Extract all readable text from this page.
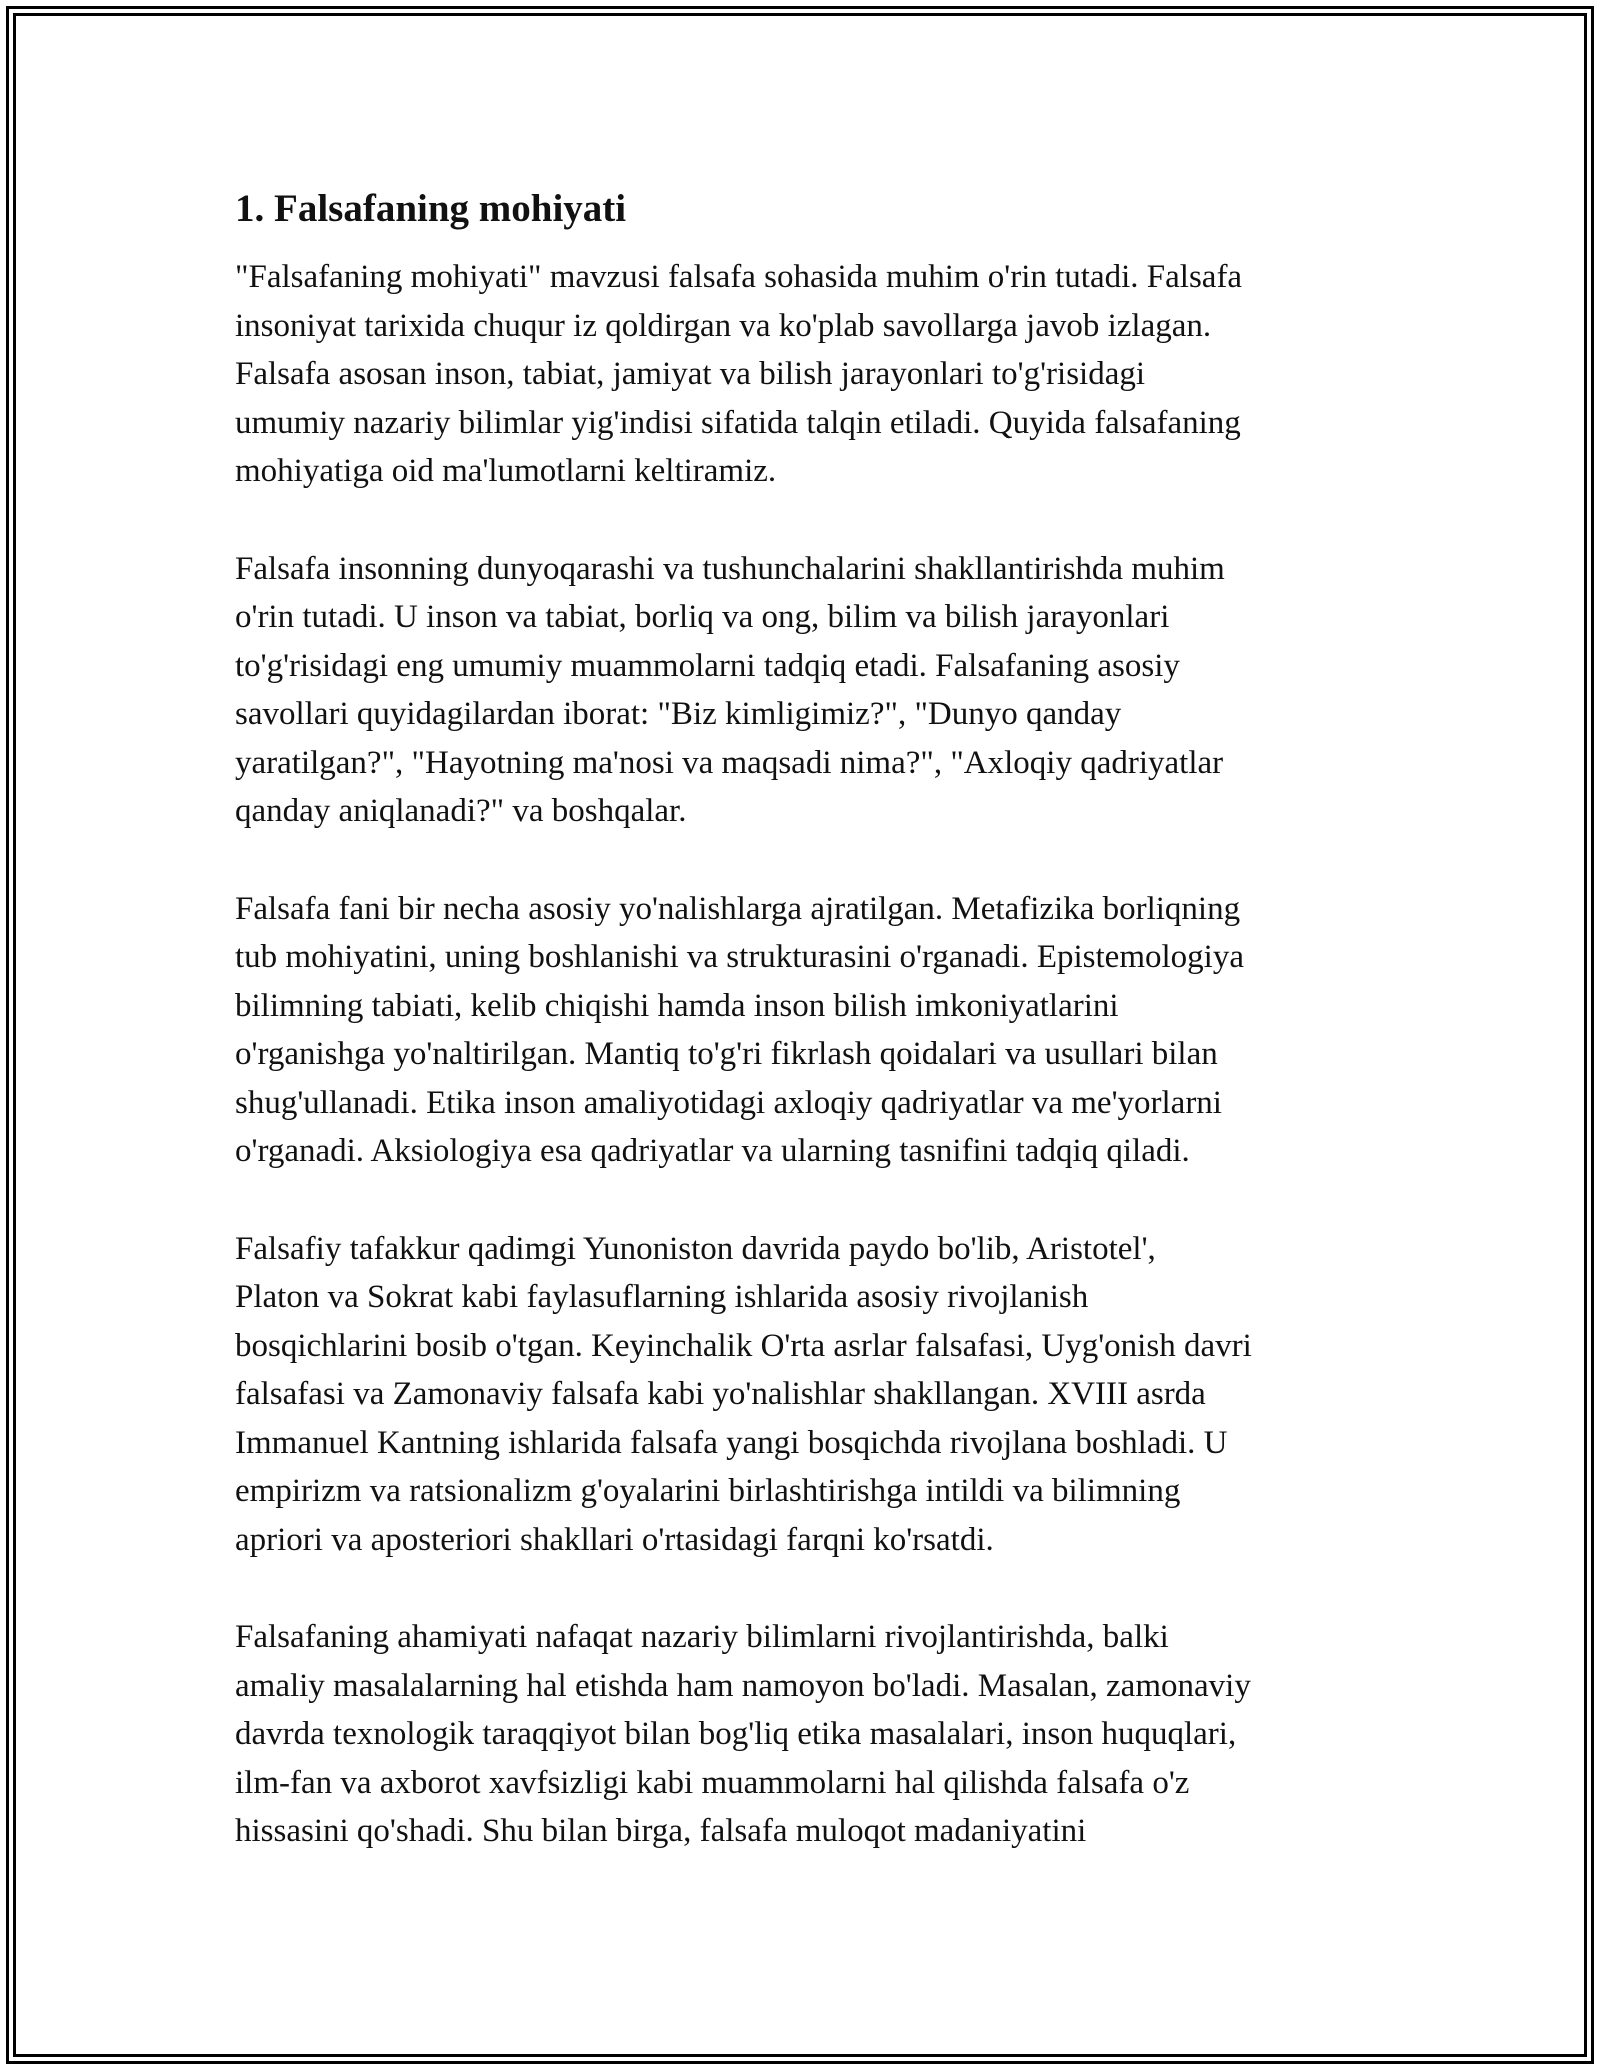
1. Falsafaning mohiyati

"Falsafaning mohiyati" mavzusi falsafa sohasida muhim o'rin tutadi. Falsafa
insoniyat tarixida chuqur iz qoldirgan va ko'plab savollarga javob izlagan.
Falsafa asosan inson, tabiat, jamiyat va bilish jarayonlari to'g'risidagi
umumiy nazariy bilimlar yig'indisi sifatida talqin etiladi. Quyida falsafaning
mohiyatiga oid ma'lumotlarni keltiramiz.

Falsafa insonning dunyoqarashi va tushunchalarini shakllantirishda muhim
o'rin tutadi. U inson va tabiat, borliq va ong, bilim va bilish jarayonlari
to'g'risidagi eng umumiy muammolarni tadqiq etadi. Falsafaning asosiy
savollari quyidagilardan iborat: "Biz kimligimiz?", "Dunyo qanday
yaratilgan?", "Hayotning ma'nosi va maqsadi nima?", "Axloqiy qadriyatlar
qanday aniqlanadi?" va boshqalar.

Falsafa fani bir necha asosiy yo'nalishlarga ajratilgan. Metafizika borliqning
tub mohiyatini, uning boshlanishi va strukturasini o'rganadi. Epistemologiya
bilimning tabiati, kelib chiqishi hamda inson bilish imkoniyatlarini
o'rganishga yo'naltirilgan. Mantiq to'g'ri fikrlash qoidalari va usullari bilan
shug'ullanadi. Etika inson amaliyotidagi axloqiy qadriyatlar va me'yorlarni
o'rganadi. Aksiologiya esa qadriyatlar va ularning tasnifini tadqiq qiladi.

Falsafiy tafakkur qadimgi Yunoniston davrida paydo bo'lib, Aristotel',
Platon va Sokrat kabi faylasuflarning ishlarida asosiy rivojlanish
bosqichlarini bosib o'tgan. Keyinchalik O'rta asrlar falsafasi, Uyg'onish davri
falsafasi va Zamonaviy falsafa kabi yo'nalishlar shakllangan. XVIII asrda
Immanuel Kantning ishlarida falsafa yangi bosqichda rivojlana boshladi. U
empirizm va ratsionalizm g'oyalarini birlashtirishga intildi va bilimning
apriori va aposteriori shakllari o'rtasidagi farqni ko'rsatdi.

Falsafaning ahamiyati nafaqat nazariy bilimlarni rivojlantirishda, balki
amaliy masalalarning hal etishda ham namoyon bo'ladi. Masalan, zamonaviy
davrda texnologik taraqqiyot bilan bog'liq etika masalalari, inson huquqlari,
ilm-fan va axborot xavfsizligi kabi muammolarni hal qilishda falsafa o'z
hissasini qo'shadi. Shu bilan birga, falsafa muloqot madaniyatini
